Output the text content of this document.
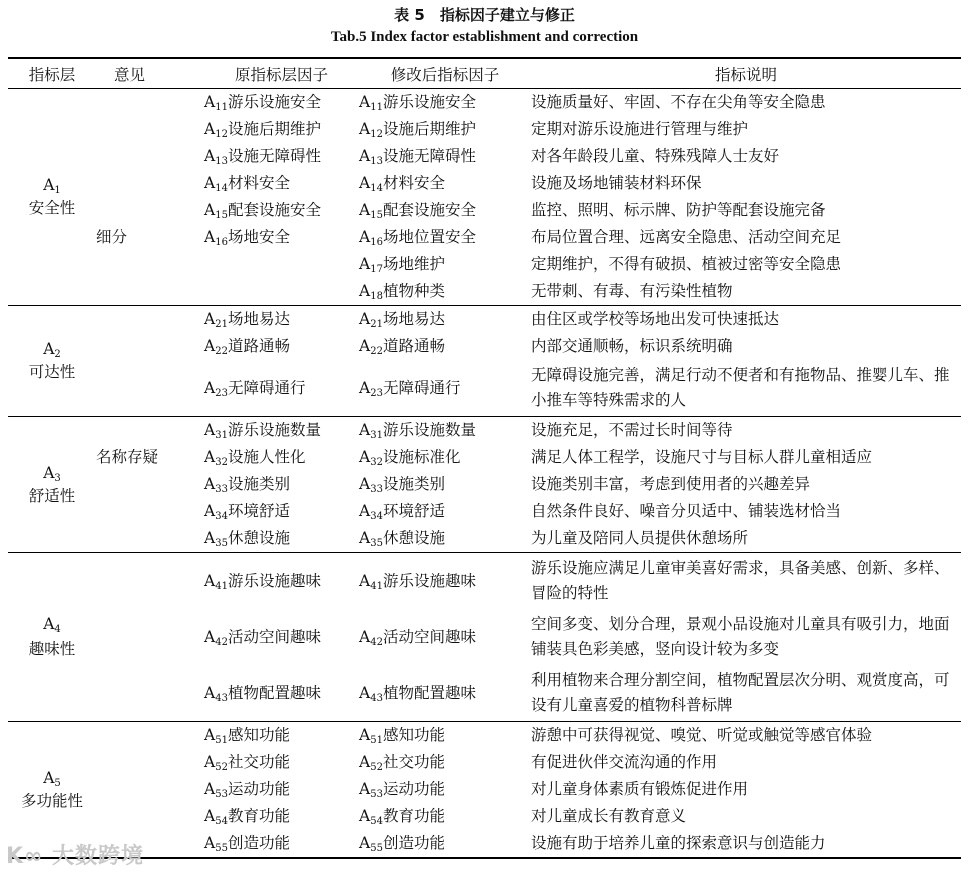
表 5　指标因子建立与修正
Tab.5 Index factor establishment and correction
指标层	意见	原指标层因子	修改后指标因子	指标说明
$A_1$
安全性		$A_{11}$游乐设施安全	$A_{11}$游乐设施安全	设施质量好、牢固、不存在尖角等安全隐患
		$A_{12}$设施后期维护	$A_{12}$设施后期维护	定期对游乐设施进行管理与维护
		$A_{13}$设施无障碍性	$A_{13}$设施无障碍性	对各年龄段儿童、特殊残障人士友好
		$A_{14}$材料安全	$A_{14}$材料安全	设施及场地铺装材料环保
		$A_{15}$配套设施安全	$A_{15}$配套设施安全	监控、照明、标示牌、防护等配套设施完备
	细分	$A_{16}$场地安全	$A_{16}$场地位置安全	布局位置合理、远离安全隐患、活动空间充足
			$A_{17}$场地维护	定期维护，不得有破损、植被过密等安全隐患
			$A_{18}$植物种类	无带刺、有毒、有污染性植物
$A_2$
可达性		$A_{21}$场地易达	$A_{21}$场地易达	由住区或学校等场地出发可快速抵达
		$A_{22}$道路通畅	$A_{22}$道路通畅	内部交通顺畅，标识系统明确
		$A_{23}$无障碍通行	$A_{23}$无障碍通行	无障碍设施完善，满足行动不便者和有拖物品、推婴儿车、推小推车等特殊需求的人
$A_3$
舒适性		$A_{31}$游乐设施数量	$A_{31}$游乐设施数量	设施充足，不需过长时间等待
	名称存疑	$A_{32}$设施人性化	$A_{32}$设施标准化	满足人体工程学，设施尺寸与目标人群儿童相适应
		$A_{33}$设施类别	$A_{33}$设施类别	设施类别丰富，考虑到使用者的兴趣差异
		$A_{34}$环境舒适	$A_{34}$环境舒适	自然条件良好、噪音分贝适中、铺装选材恰当
		$A_{35}$休憩设施	$A_{35}$休憩设施	为儿童及陪同人员提供休憩场所
$A_4$
趣味性		$A_{41}$游乐设施趣味	$A_{41}$游乐设施趣味	游乐设施应满足儿童审美喜好需求，具备美感、创新、多样、冒险的特性
		$A_{42}$活动空间趣味	$A_{42}$活动空间趣味	空间多变、划分合理，景观小品设施对儿童具有吸引力，地面铺装具色彩美感，竖向设计较为多变
		$A_{43}$植物配置趣味	$A_{43}$植物配置趣味	利用植物来合理分割空间，植物配置层次分明、观赏度高，可设有儿童喜爱的植物科普标牌
$A_5$
多功能性		$A_{51}$感知功能	$A_{51}$感知功能	游憩中可获得视觉、嗅觉、听觉或触觉等感官体验
		$A_{52}$社交功能	$A_{52}$社交功能	有促进伙伴交流沟通的作用
		$A_{53}$运动功能	$A_{53}$运动功能	对儿童身体素质有锻炼促进作用
		$A_{54}$教育功能	$A_{54}$教育功能	对儿童成长有教育意义
		$A_{55}$创造功能	$A_{55}$创造功能	设施有助于培养儿童的探索意识与创造能力
K∞ 大数跨境
